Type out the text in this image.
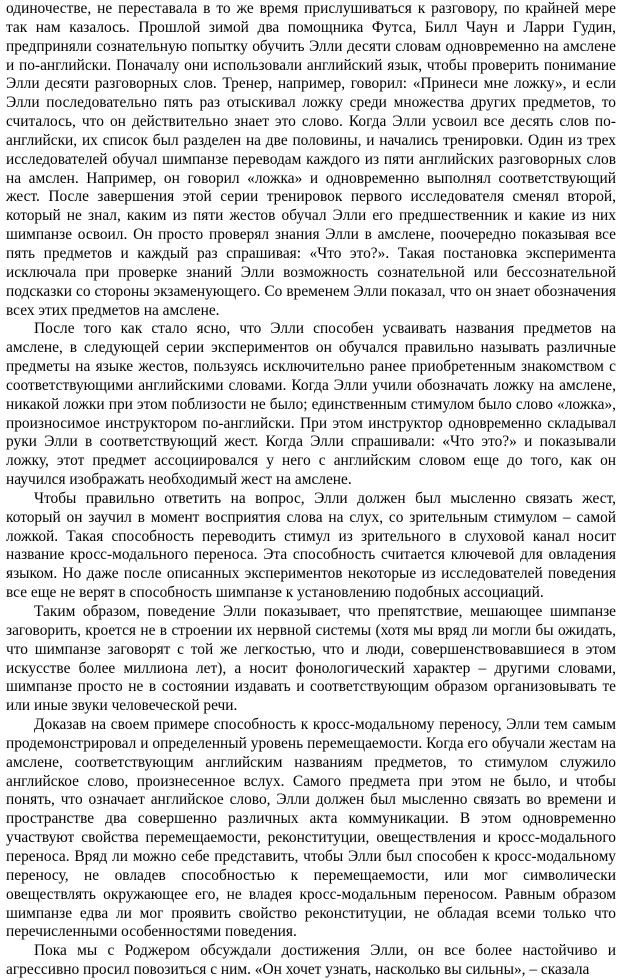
одиночестве, не переставала в то же время прислушиваться к разговору, по крайней мере так нам казалось. Прошлой зимой два помощника Футса, Билл Чаун и Ларри Гудин, предприняли сознательную попытку обучить Элли десяти словам одновременно на амслене и по-английски. Поначалу они использовали английский язык, чтобы проверить понимание Элли десяти разговорных слов. Тренер, например, говорил: «Принеси мне ложку», и если Элли последовательно пять раз отыскивал ложку среди множества других предметов, то считалось, что он действительно знает это слово. Когда Элли усвоил все десять слов по-английски, их список был разделен на две половины, и начались тренировки. Один из трех исследователей обучал шимпанзе переводам каждого из пяти английских разговорных слов на амслен. Например, он говорил «ложка» и одновременно выполнял соответствующий жест. После завершения этой серии тренировок первого исследователя сменял второй, который не знал, каким из пяти жестов обучал Элли его предшественник и какие из них шимпанзе освоил. Он просто проверял знания Элли в амслене, поочередно показывая все пять предметов и каждый раз спрашивая: «Что это?». Такая постановка эксперимента исключала при проверке знаний Элли возможность сознательной или бессознательной подсказки со стороны экзаменующего. Со временем Элли показал, что он знает обозначения всех этих предметов на амслене.

После того как стало ясно, что Элли способен усваивать названия предметов на амслене, в следующей серии экспериментов он обучался правильно называть различные предметы на языке жестов, пользуясь исключительно ранее приобретенным знакомством с соответствующими английскими словами. Когда Элли учили обозначать ложку на амслене, никакой ложки при этом поблизости не было; единственным стимулом было слово «ложка», произносимое инструктором по-английски. При этом инструктор одновременно складывал руки Элли в соответствующий жест. Когда Элли спрашивали: «Что это?» и показывали ложку, этот предмет ассоциировался у него с английским словом еще до того, как он научился изображать необходимый жест на амслене.

Чтобы правильно ответить на вопрос, Элли должен был мысленно связать жест, который он заучил в момент восприятия слова на слух, со зрительным стимулом – самой ложкой. Такая способность переводить стимул из зрительного в слуховой канал носит название кросс-модального переноса. Эта способность считается ключевой для овладения языком. Но даже после описанных экспериментов некоторые из исследователей поведения все еще не верят в способность шимпанзе к установлению подобных ассоциаций.

Таким образом, поведение Элли показывает, что препятствие, мешающее шимпанзе заговорить, кроется не в строении их нервной системы (хотя мы вряд ли могли бы ожидать, что шимпанзе заговорят с той же легкостью, что и люди, совершенствовавшиеся в этом искусстве более миллиона лет), а носит фонологический характер – другими словами, шимпанзе просто не в состоянии издавать и соответствующим образом организовывать те или иные звуки человеческой речи.

Доказав на своем примере способность к кросс-модальному переносу, Элли тем самым продемонстрировал и определенный уровень перемещаемости. Когда его обучали жестам на амслене, соответствующим английским названиям предметов, то стимулом служило английское слово, произнесенное вслух. Самого предмета при этом не было, и чтобы понять, что означает английское слово, Элли должен был мысленно связать во времени и пространстве два совершенно различных акта коммуникации. В этом одновременно участвуют свойства перемещаемости, реконституции, овеществления и кросс-модального переноса. Вряд ли можно себе представить, чтобы Элли был способен к кросс-модальному переносу, не овладев способностью к перемещаемости, или мог символически овеществлять окружающее его, не владея кросс-модальным переносом. Равным образом шимпанзе едва ли мог проявить свойство реконституции, не обладая всеми только что перечисленными особенностями поведения.

Пока мы с Роджером обсуждали достижения Элли, он все более настойчиво и агрессивно просил повозиться с ним. «Он хочет узнать, насколько вы сильны», – сказала
